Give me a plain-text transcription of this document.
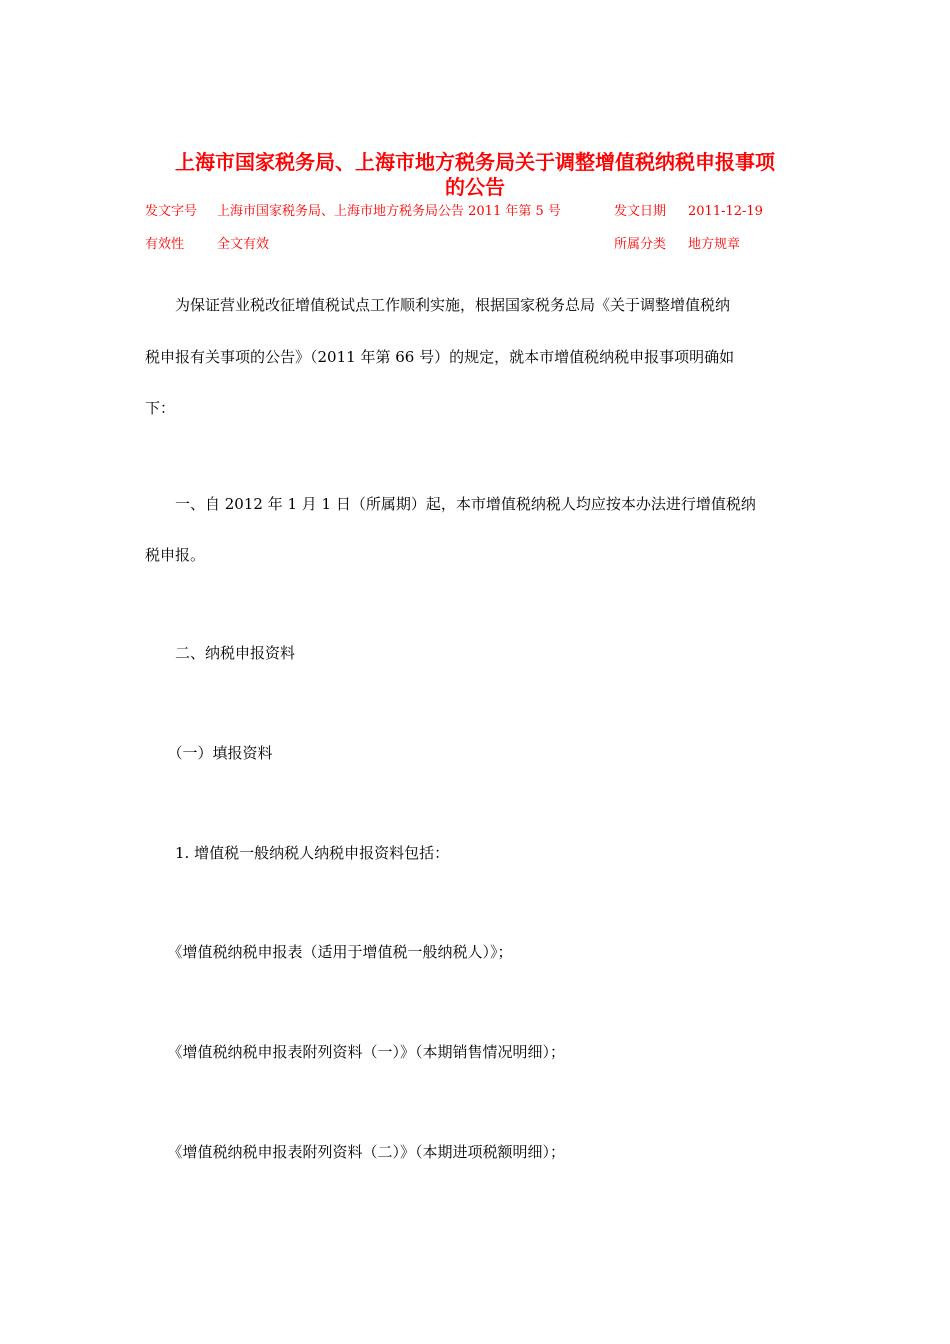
上海市国家税务局、上海市地方税务局关于调整增值税纳税申报事项
的公告
发文字号 上海市国家税务局、上海市地方税务局公告 2011 年第 5 号	发文日期 2011-12-19
有效性	全文有效	所属分类 地方规章

　　为保证营业税改征增值税试点工作顺利实施，根据国家税务总局《关于调整增值税纳

税申报有关事项的公告》（2011 年第 66 号）的规定，就本市增值税纳税申报事项明确如

下：

　　一、自 2012 年 1 月 1 日（所属期）起，本市增值税纳税人均应按本办法进行增值税纳

税申报。

　　二、纳税申报资料

　　（一）填报资料

　　1. 增值税一般纳税人纳税申报资料包括：

　　《增值税纳税申报表（适用于增值税一般纳税人）》；

　　《增值税纳税申报表附列资料（一）》（本期销售情况明细）；

　　《增值税纳税申报表附列资料（二）》（本期进项税额明细）；
